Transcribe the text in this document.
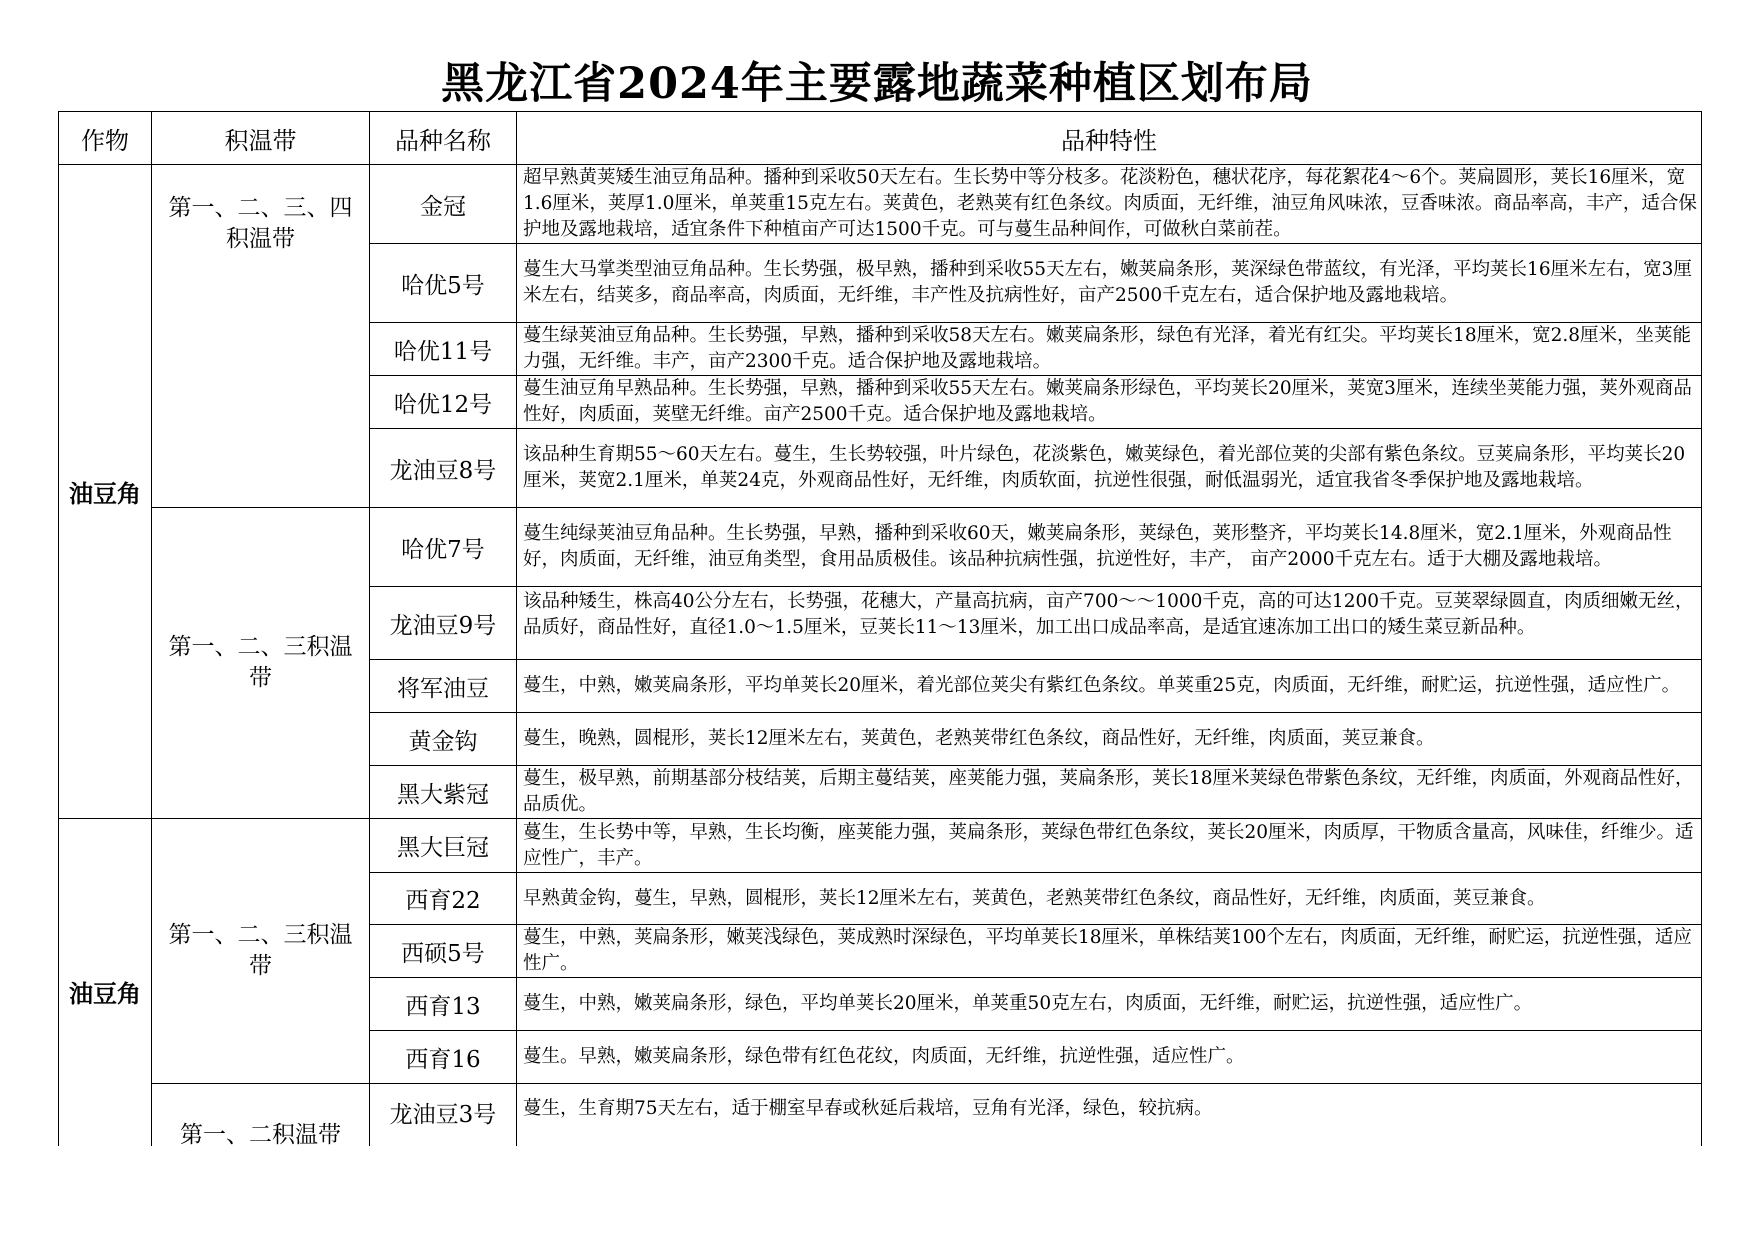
黑龙江省2024年主要露地蔬菜种植区划布局
作物	积温带	品种名称	品种特性
油豆角	第一、二、三、四积温带	金冠	超早熟黄荚矮生油豆角品种。播种到采收50天左右。生长势中等分枝多。花淡粉色，穗状花序，每花絮花4～6个。荚扁圆形，荚长16厘米，宽1.6厘米，荚厚1.0厘米，单荚重15克左右。荚黄色，老熟荚有红色条纹。肉质面，无纤维，油豆角风味浓，豆香味浓。商品率高，丰产，适合保护地及露地栽培，适宜条件下种植亩产可达1500千克。可与蔓生品种间作，可做秋白菜前茬。
		哈优5号	蔓生大马掌类型油豆角品种。生长势强，极早熟，播种到采收55天左右，嫩荚扁条形，荚深绿色带蓝纹，有光泽，平均荚长16厘米左右，宽3厘米左右，结荚多，商品率高，肉质面，无纤维，丰产性及抗病性好，亩产2500千克左右，适合保护地及露地栽培。
		哈优11号	蔓生绿荚油豆角品种。生长势强，早熟，播种到采收58天左右。嫩荚扁条形，绿色有光泽，着光有红尖。平均荚长18厘米，宽2.8厘米，坐荚能力强，无纤维。丰产，亩产2300千克。适合保护地及露地栽培。
		哈优12号	蔓生油豆角早熟品种。生长势强，早熟，播种到采收55天左右。嫩荚扁条形绿色，平均荚长20厘米，荚宽3厘米，连续坐荚能力强，荚外观商品性好，肉质面，荚壁无纤维。亩产2500千克。适合保护地及露地栽培。
		龙油豆8号	该品种生育期55～60天左右。蔓生，生长势较强，叶片绿色，花淡紫色，嫩荚绿色，着光部位荚的尖部有紫色条纹。豆荚扁条形，平均荚长20厘米，荚宽2.1厘米，单荚24克，外观商品性好，无纤维，肉质软面，抗逆性很强，耐低温弱光，适宜我省冬季保护地及露地栽培。
	第一、二、三积温带	哈优7号	蔓生纯绿荚油豆角品种。生长势强，早熟，播种到采收60天，嫩荚扁条形，荚绿色，荚形整齐，平均荚长14.8厘米，宽2.1厘米，外观商品性好，肉质面，无纤维，油豆角类型，食用品质极佳。该品种抗病性强，抗逆性好，丰产， 亩产2000千克左右。适于大棚及露地栽培。
		龙油豆9号	该品种矮生，株高40公分左右，长势强，花穗大，产量高抗病，亩产700～～1000千克，高的可达1200千克。豆荚翠绿圆直，肉质细嫩无丝，品质好，商品性好，直径1.0～1.5厘米，豆荚长11～13厘米，加工出口成品率高，是适宜速冻加工出口的矮生菜豆新品种。
		将军油豆	蔓生，中熟，嫩荚扁条形，平均单荚长20厘米，着光部位荚尖有紫红色条纹。单荚重25克，肉质面，无纤维，耐贮运，抗逆性强，适应性广。
		黄金钩	蔓生，晚熟，圆棍形，荚长12厘米左右，荚黄色，老熟荚带红色条纹，商品性好，无纤维，肉质面，荚豆兼食。
		黑大紫冠	蔓生，极早熟，前期基部分枝结荚，后期主蔓结荚，座荚能力强，荚扁条形，荚长18厘米荚绿色带紫色条纹，无纤维，肉质面，外观商品性好，品质优。
油豆角	第一、二、三积温带	黑大巨冠	蔓生，生长势中等，早熟，生长均衡，座荚能力强，荚扁条形，荚绿色带红色条纹，荚长20厘米，肉质厚，干物质含量高，风味佳，纤维少。适应性广，丰产。
		西育22	早熟黄金钩，蔓生，早熟，圆棍形，荚长12厘米左右，荚黄色，老熟荚带红色条纹，商品性好，无纤维，肉质面，荚豆兼食。
		西硕5号	蔓生，中熟，荚扁条形，嫩荚浅绿色，荚成熟时深绿色，平均单荚长18厘米，单株结荚100个左右，肉质面，无纤维，耐贮运，抗逆性强，适应性广。
		西育13	蔓生，中熟，嫩荚扁条形，绿色，平均单荚长20厘米，单荚重50克左右，肉质面，无纤维，耐贮运，抗逆性强，适应性广。
		西育16	蔓生。早熟，嫩荚扁条形，绿色带有红色花纹，肉质面，无纤维，抗逆性强，适应性广。
	第一、二积温带	龙油豆3号	蔓生，生育期75天左右，适于棚室早春或秋延后栽培，豆角有光泽，绿色，较抗病。
